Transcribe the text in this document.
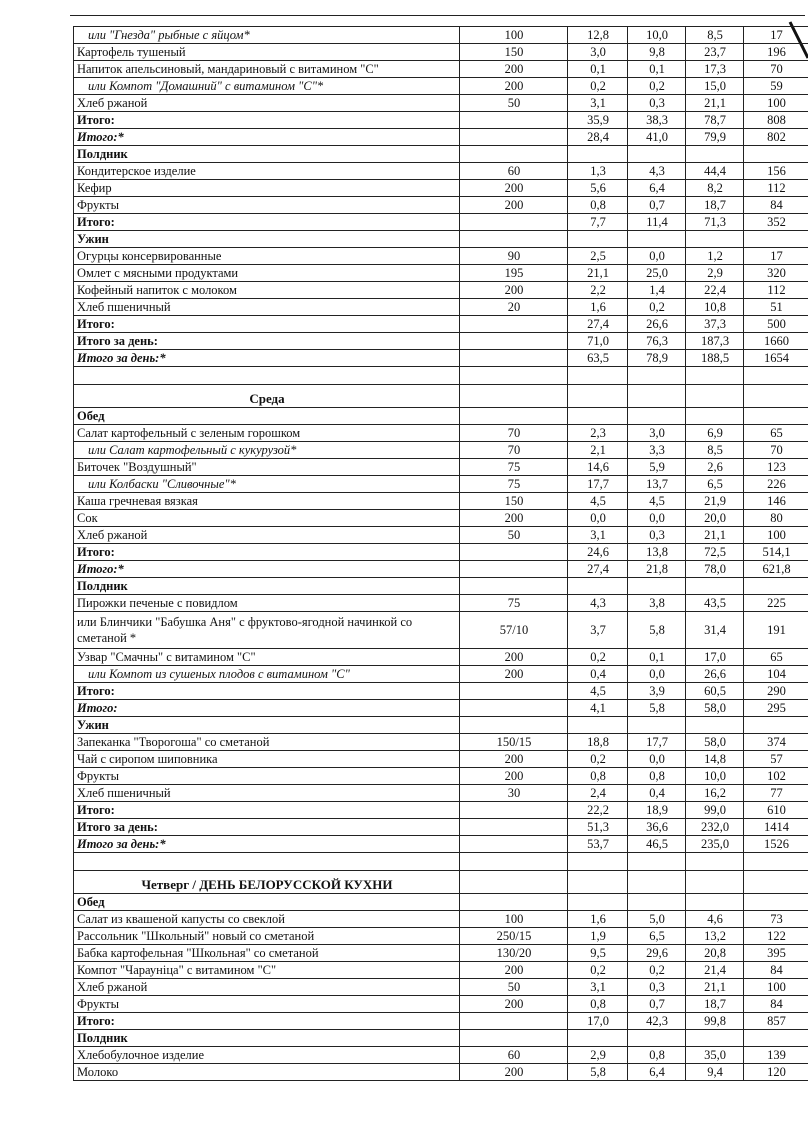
или "Гнезда" рыбные с яйцом*	100	12,8	10,0	8,5	17
Картофель тушеный	150	3,0	9,8	23,7	196
Напиток апельсиновый, мандариновый с витамином "С"	200	0,1	0,1	17,3	70
или Компот "Домашний" с витамином "С"*	200	0,2	0,2	15,0	59
Хлеб ржаной	50	3,1	0,3	21,1	100
Итого:		35,9	38,3	78,7	808
Итого:*		28,4	41,0	79,9	802
Полдник					
Кондитерское изделие	60	1,3	4,3	44,4	156
Кефир	200	5,6	6,4	8,2	112
Фрукты	200	0,8	0,7	18,7	84
Итого:		7,7	11,4	71,3	352
Ужин					
Огурцы консервированные	90	2,5	0,0	1,2	17
Омлет с мясными продуктами	195	21,1	25,0	2,9	320
Кофейный напиток с молоком	200	2,2	1,4	22,4	112
Хлеб пшеничный	20	1,6	0,2	10,8	51
Итого:		27,4	26,6	37,3	500
Итого за день:		71,0	76,3	187,3	1660
Итого за день:*		63,5	78,9	188,5	1654

Среда					
Обед					
Салат картофельный с зеленым горошком	70	2,3	3,0	6,9	65
или Салат картофельный с кукурузой*	70	2,1	3,3	8,5	70
Биточек "Воздушный"	75	14,6	5,9	2,6	123
или Колбаски "Сливочные"*	75	17,7	13,7	6,5	226
Каша гречневая вязкая	150	4,5	4,5	21,9	146
Сок	200	0,0	0,0	20,0	80
Хлеб ржаной	50	3,1	0,3	21,1	100
Итого:		24,6	13,8	72,5	514,1
Итого:*		27,4	21,8	78,0	621,8
Полдник					
Пирожки печеные с повидлом	75	4,3	3,8	43,5	225
или Блинчики "Бабушка Аня" с фруктово-ягодной начинкой со сметаной *	57/10	3,7	5,8	31,4	191
Узвар "Смачны" с витамином "С"	200	0,2	0,1	17,0	65
или Компот из сушеных плодов с витамином "С"	200	0,4	0,0	26,6	104
Итого:		4,5	3,9	60,5	290
Итого:		4,1	5,8	58,0	295
Ужин					
Запеканка "Творогоша" со сметаной	150/15	18,8	17,7	58,0	374
Чай с сиропом шиповника	200	0,2	0,0	14,8	57
Фрукты	200	0,8	0,8	10,0	102
Хлеб пшеничный	30	2,4	0,4	16,2	77
Итого:		22,2	18,9	99,0	610
Итого за день:		51,3	36,6	232,0	1414
Итого за день:*		53,7	46,5	235,0	1526

Четверг / ДЕНЬ БЕЛОРУССКОЙ КУХНИ					
Обед					
Салат из квашеной капусты со свеклой	100	1,6	5,0	4,6	73
Рассольник "Школьный" новый со сметаной	250/15	1,9	6,5	13,2	122
Бабка картофельная "Школьная" со сметаной	130/20	9,5	29,6	20,8	395
Компот "Чараунiца" с витамином "С"	200	0,2	0,2	21,4	84
Хлеб ржаной	50	3,1	0,3	21,1	100
Фрукты	200	0,8	0,7	18,7	84
Итого:		17,0	42,3	99,8	857
Полдник					
Хлебобулочное изделие	60	2,9	0,8	35,0	139
Молоко	200	5,8	6,4	9,4	120
